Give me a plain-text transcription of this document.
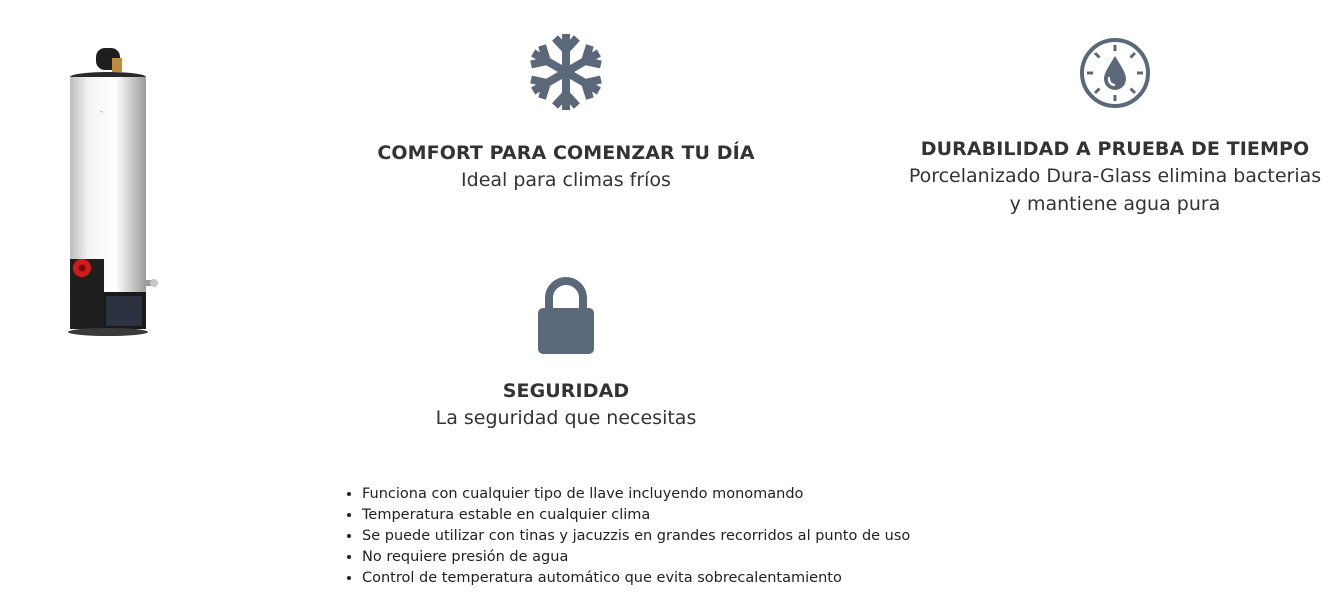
~
COMFORT PARA COMENZAR TU DÍA

Ideal para climas fríos

DURABILIDAD A PRUEBA DE TIEMPO

Porcelanizado Dura-Glass elimina bacterias
y mantiene agua pura

SEGURIDAD

La seguridad que necesitas

• Funciona con cualquier tipo de llave incluyendo monomando
• Temperatura estable en cualquier clima
• Se puede utilizar con tinas y jacuzzis en grandes recorridos al punto de uso
• No requiere presión de agua
• Control de temperatura automático que evita sobrecalentamiento
